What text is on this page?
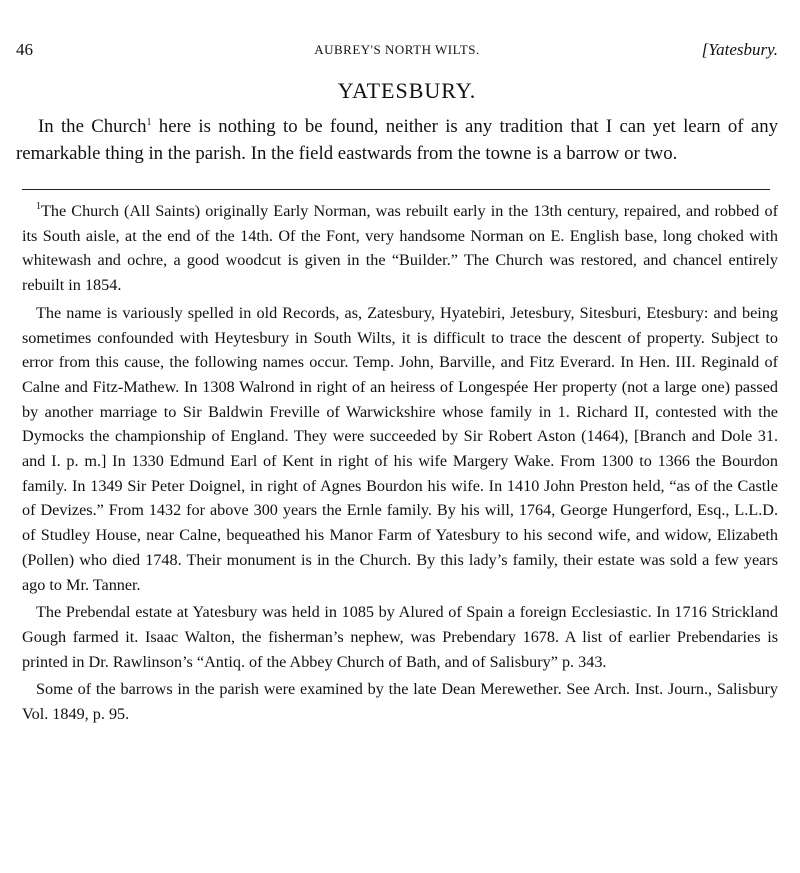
46	AUBREY'S NORTH WILTS.	[Yatesbury.
YATESBURY.

In the Church$^1$ here is nothing to be found, neither is any tradition that I can yet learn of any remarkable thing in the parish. In the field eastwards from the towne is a barrow or two.

$^1$The Church (All Saints) originally Early Norman, was rebuilt early in the 13th century, repaired, and robbed of its South aisle, at the end of the 14th. Of the Font, very handsome Norman on E. English base, long choked with whitewash and ochre, a good woodcut is given in the “Builder.” The Church was restored, and chancel entirely rebuilt in 1854.

The name is variously spelled in old Records, as, Zatesbury, Hyatebiri, Jetesbury, Sitesburi, Etesbury: and being sometimes confounded with Heytesbury in South Wilts, it is difficult to trace the descent of property. Subject to error from this cause, the following names occur. Temp. John, Barville, and Fitz Everard. In Hen. III. Reginald of Calne and Fitz-Mathew. In 1308 Walrond in right of an heiress of Longespée Her property (not a large one) passed by another marriage to Sir Baldwin Freville of Warwickshire whose family in 1. Richard II, contested with the Dymocks the championship of England. They were succeeded by Sir Robert Aston (1464), [Branch and Dole 31. and I. p. m.] In 1330 Edmund Earl of Kent in right of his wife Margery Wake. From 1300 to 1366 the Bourdon family. In 1349 Sir Peter Doignel, in right of Agnes Bourdon his wife. In 1410 John Preston held, “as of the Castle of Devizes.” From 1432 for above 300 years the Ernle family. By his will, 1764, George Hungerford, Esq., L.L.D. of Studley House, near Calne, bequeathed his Manor Farm of Yatesbury to his second wife, and widow, Elizabeth (Pollen) who died 1748. Their monument is in the Church. By this lady’s family, their estate was sold a few years ago to Mr. Tanner.

The Prebendal estate at Yatesbury was held in 1085 by Alured of Spain a foreign Ecclesiastic. In 1716 Strickland Gough farmed it. Isaac Walton, the fisherman’s nephew, was Prebendary 1678. A list of earlier Prebendaries is printed in Dr. Rawlinson’s “Antiq. of the Abbey Church of Bath, and of Salisbury” p. 343.

Some of the barrows in the parish were examined by the late Dean Merewether. See Arch. Inst. Journ., Salisbury Vol. 1849, p. 95.
